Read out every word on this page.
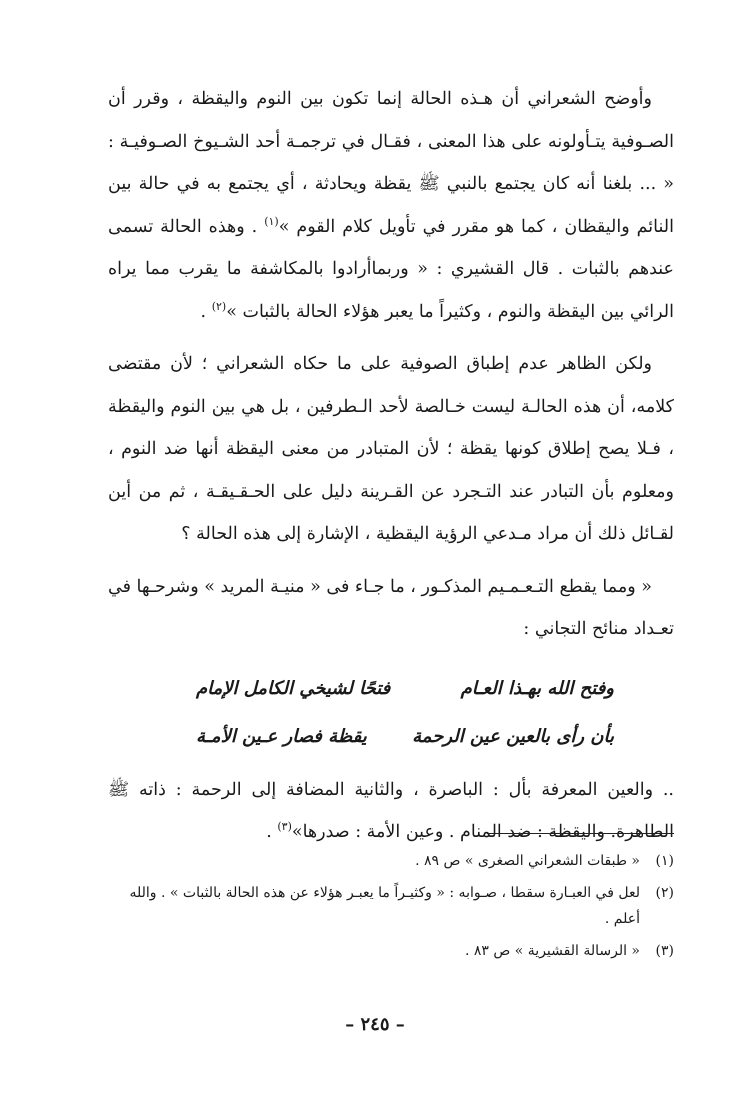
وأوضح الشعراني أن هـذه الحالة إنما تكون بين النوم واليقظة ، وقرر أن الصـوفية يتـأولونه على هذا المعنى ، فقـال في ترجمـة أحد الشـيوخ الصـوفيـة : « ... بلغنا أنه كان يجتمع بالنبي ﷺ يقظة ويحادثة ، أي يجتمع به في حالة بين النائم واليقظان ، كما هو مقرر في تأويل كلام القوم »$^{(١)}$ . وهذه الحالة تسمى عندهم بالثبات . قال القشيري : « وربماأرادوا بالمكاشفة ما يقرب مما يراه الرائي بين اليقظة والنوم ، وكثيراً ما يعبر هؤلاء الحالة بالثبات »$^{(٢)}$ .

ولكن الظاهر عدم إطباق الصوفية على ما حكاه الشعراني ؛ لأن مقتضى كلامه، أن هذه الحالـة ليست خـالصة لأحد الـطرفين ، بل هي بين النوم واليقظة ، فـلا يصح إطلاق كونها يقظة ؛ لأن المتبادر من معنى اليقظة أنها ضد النوم ، ومعلوم بأن التبادر عند التـجرد عن القـرينة دليل على الحـقـيقـة ، ثم من أين لقـائل ذلك أن مراد مـدعي الرؤية اليقظية ، الإشارة إلى هذه الحالة ؟

« ومما يقطع التـعـمـيم المذكـور ، ما جـاء فى « منيـة المريد » وشرحـها في تعـداد منائح التجاني :

وفتح الله بهـذا العـام
فتحًا لشيخي الكامل الإمام
بأن رأى بالعين عين الرحمة
يقظة فصار عـين الأمـة

.. والعين المعرفة بأل : الباصرة ، والثانية المضافة إلى الرحمة : ذاته ﷺ الطاهرة. واليقظة : ضد المنام . وعين الأمة : صدرها»$^{(٣)}$ .

(١)
« طبقات الشعراني الصغرى » ص ٨٩ .
(٢)
لعل في العبـارة سقطا ، صـوابه : « وكثيـراً ما يعبـر هؤلاء عن هذه الحالة بالثبات » . والله أعلم .
(٣)
« الرسالة القشيرية » ص ٨٣ .
– ٢٤٥ –
